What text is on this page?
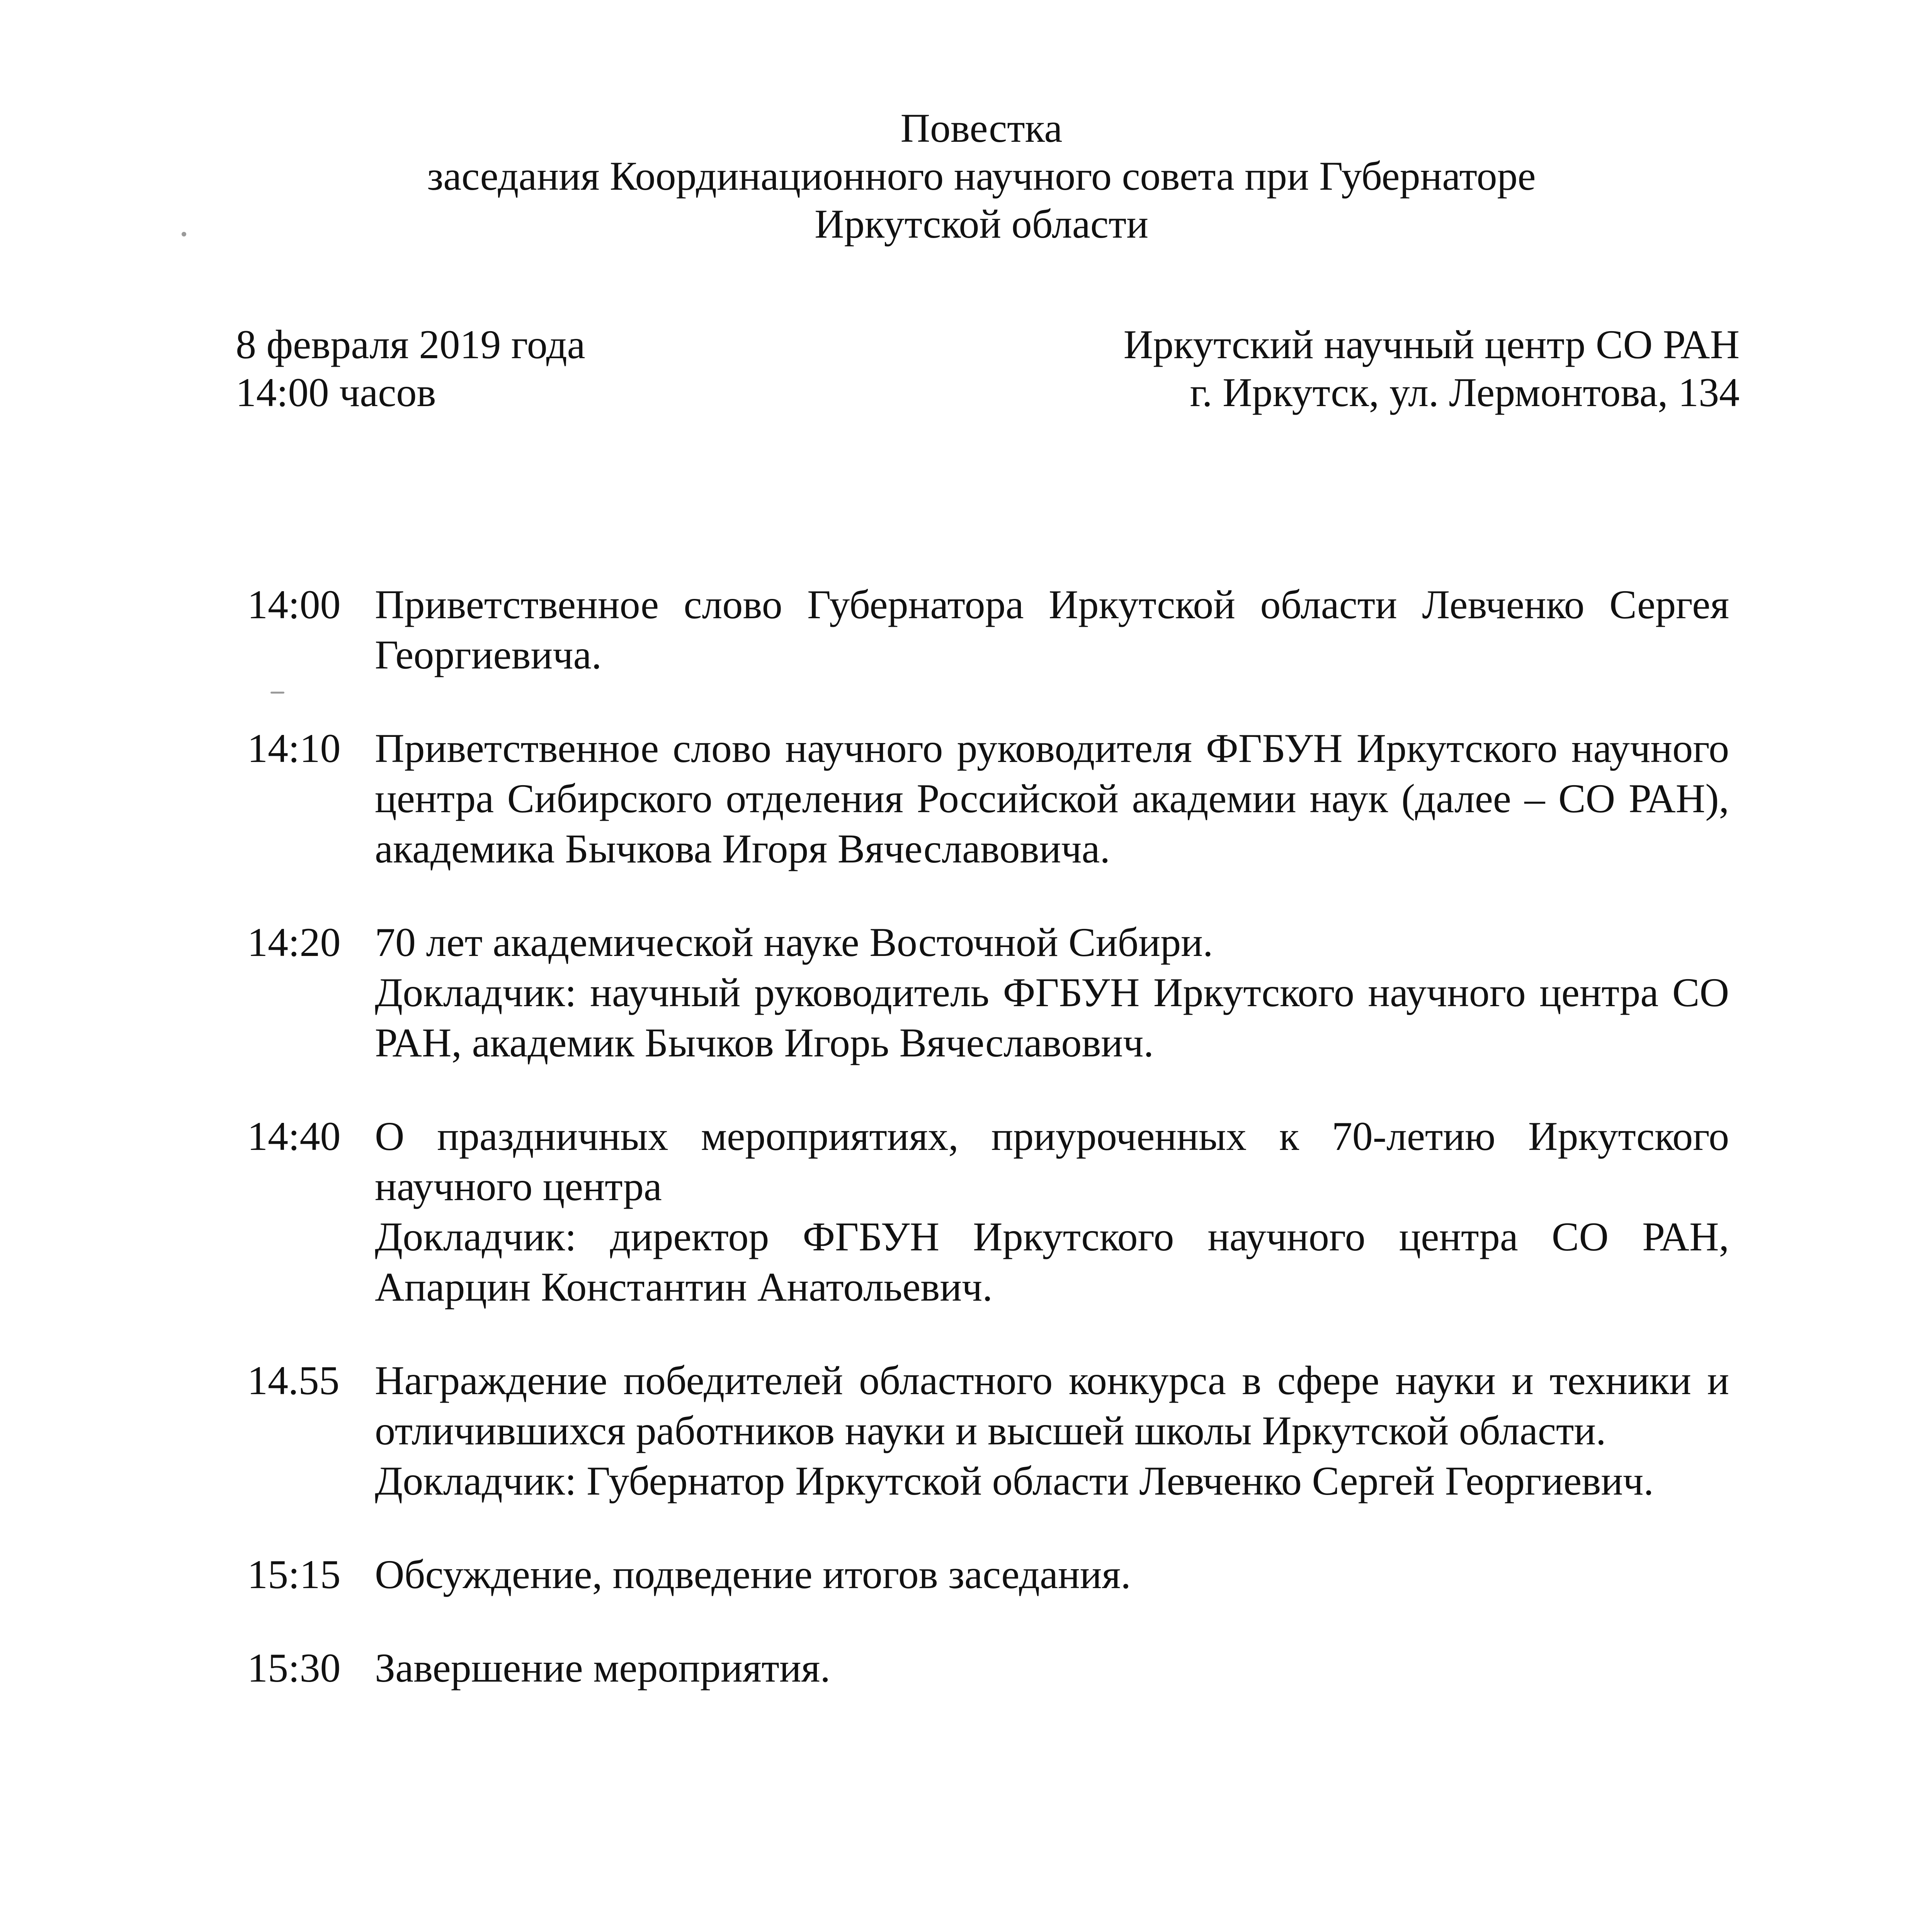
Повестка
заседания Координационного научного совета при Губернаторе
Иркутской области
8 февраля 2019 года
14:00 часов
Иркутский научный центр СО РАН
г. Иркутск, ул. Лермонтова, 134
14:00 Приветственное слово Губернатора Иркутской области Левченко Сергея Георгиевича.

14:10 Приветственное слово научного руководителя ФГБУН Иркутского научного центра Сибирского отделения Российской академии наук (далее – СО РАН), академика Бычкова Игоря Вячеславовича.

14:20 70 лет академической науке Восточной Сибири.

Докладчик: научный руководитель ФГБУН Иркутского научного центра СО РАН, академик Бычков Игорь Вячеславович.

14:40 О праздничных мероприятиях, приуроченных к 70-летию Иркутского научного центра

Докладчик: директор ФГБУН Иркутского научного центра СО РАН, Апарцин Константин Анатольевич.

14.55 Награждение победителей областного конкурса в сфере науки и техники и отличившихся работников науки и высшей школы Иркутской области.

Докладчик: Губернатор Иркутской области Левченко Сергей Георгиевич.

15:15 Обсуждение, подведение итогов заседания.

15:30 Завершение мероприятия.
